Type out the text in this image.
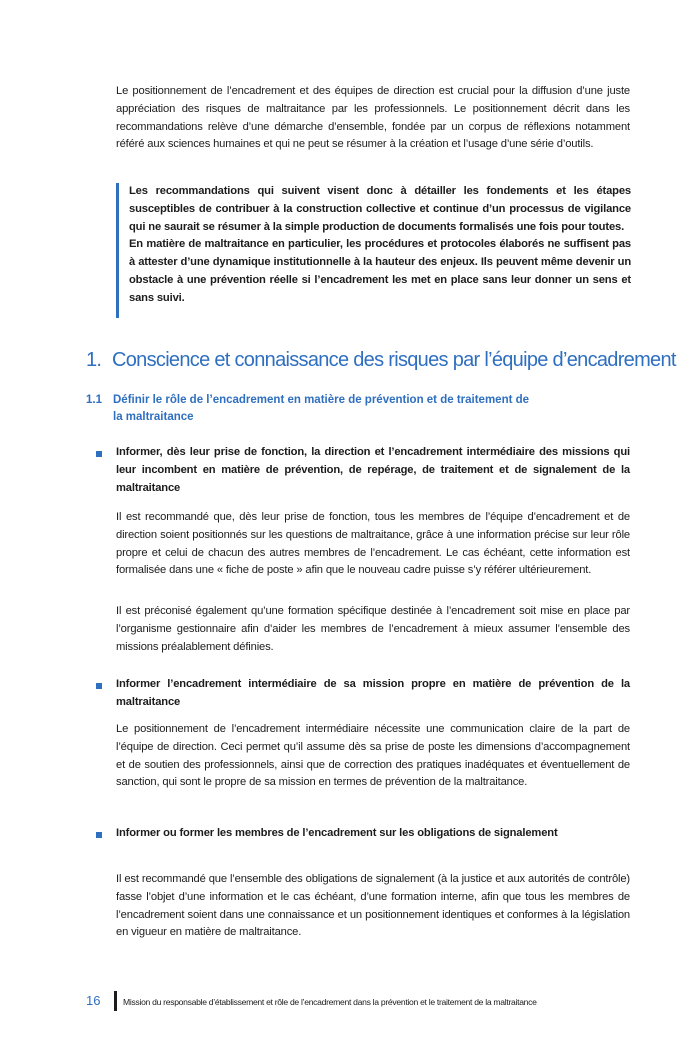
Le positionnement de l’encadrement et des équipes de direction est crucial pour la diffusion d’une juste appréciation des risques de maltraitance par les professionnels. Le positionnement décrit dans les recommandations relève d’une démarche d’ensemble, fondée par un corpus de réflexions notamment référé aux sciences humaines et qui ne peut se résumer à la création et l’usage d’une série d’outils.

Les recommandations qui suivent visent donc à détailler les fondements et les étapes susceptibles de contribuer à la construction collective et continue d’un processus de vigilance qui ne saurait se résumer à la simple production de documents formalisés une fois pour toutes.

En matière de maltraitance en particulier, les procédures et protocoles élaborés ne suffisent pas à attester d’une dynamique institutionnelle à la hauteur des enjeux. Ils peuvent même devenir un obstacle à une prévention réelle si l’encadrement les met en place sans leur donner un sens et sans suivi.

1. Conscience et connaissance des risques par l’équipe d’encadrement
1.1 Définir le rôle de l’encadrement en matière de prévention et de traitement de la maltraitance

Informer, dès leur prise de fonction, la direction et l’encadrement intermédiaire des missions qui leur incombent en matière de prévention, de repérage, de traitement et de signalement de la maltraitance

Il est recommandé que, dès leur prise de fonction, tous les membres de l’équipe d’encadrement et de direction soient positionnés sur les questions de maltraitance, grâce à une information précise sur leur rôle propre et celui de chacun des autres membres de l’encadrement. Le cas échéant, cette information est formalisée dans une « fiche de poste » afin que le nouveau cadre puisse s’y référer ultérieurement.

Il est préconisé également qu’une formation spécifique destinée à l’encadrement soit mise en place par l’organisme gestionnaire afin d’aider les membres de l’encadrement à mieux assumer l’ensemble des missions préalablement définies.

Informer l’encadrement intermédiaire de sa mission propre en matière de prévention de la maltraitance

Le positionnement de l’encadrement intermédiaire nécessite une communication claire de la part de l’équipe de direction. Ceci permet qu’il assume dès sa prise de poste les dimensions d’accompagnement et de soutien des professionnels, ainsi que de correction des pratiques inadéquates et éventuellement de sanction, qui sont le propre de sa mission en termes de prévention de la maltraitance.

Informer ou former les membres de l’encadrement sur les obligations de signalement

Il est recommandé que l’ensemble des obligations de signalement (à la justice et aux autorités de contrôle) fasse l’objet d’une information et le cas échéant, d’une formation interne, afin que tous les membres de l’encadrement soient dans une connaissance et un positionnement identiques et conformes à la législation en vigueur en matière de maltraitance.

16	Mission du responsable d’établissement et rôle de l’encadrement dans la prévention et le traitement de la maltraitance
